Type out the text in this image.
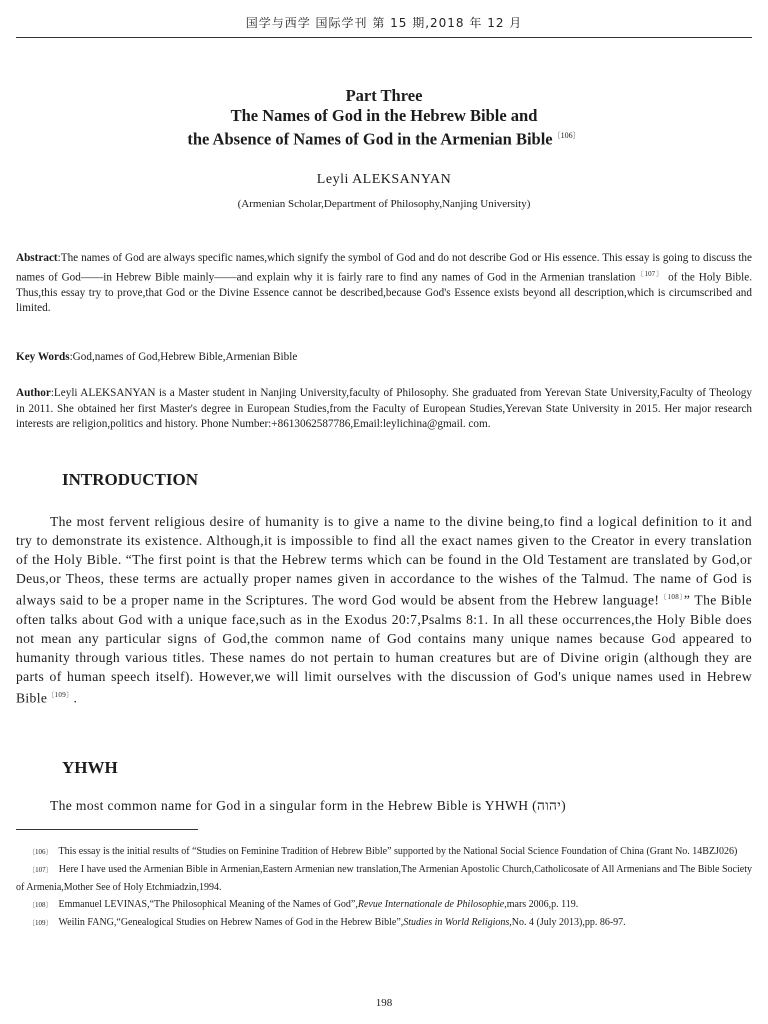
国学与西学 国际学刊 第 15 期,2018 年 12 月
Part Three
The Names of God in the Hebrew Bible and
the Absence of Names of God in the Armenian Bible$^{〔106〕}$
Leyli ALEKSANYAN
(Armenian Scholar,Department of Philosophy,Nanjing University)
Abstract:The names of God are always specific names,which signify the symbol of God and do not describe God or His essence. This essay is going to discuss the names of God——in Hebrew Bible mainly——and explain why it is fairly rare to find any names of God in the Armenian translation$^{〔107〕}$ of the Holy Bible. Thus,this essay try to prove,that God or the Divine Essence cannot be described,because God's Essence exists beyond all description,which is circumscribed and limited.
Key Words:God,names of God,Hebrew Bible,Armenian Bible
Author:Leyli ALEKSANYAN is a Master student in Nanjing University,faculty of Philosophy. She graduated from Yerevan State University,Faculty of Theology in 2011. She obtained her first Master's degree in European Studies,from the Faculty of European Studies,Yerevan State University in 2015. Her major research interests are religion,politics and history. Phone Number:+8613062587786,Email:leylichina@gmail. com.
INTRODUCTION
The most fervent religious desire of humanity is to give a name to the divine being,to find a logical definition to it and try to demonstrate its existence. Although,it is impossible to find all the exact names given to the Creator in every translation of the Holy Bible. “The first point is that the Hebrew terms which can be found in the Old Testament are translated by God,or Deus,or Theos, these terms are actually proper names given in accordance to the wishes of the Talmud. The name of God is always said to be a proper name in the Scriptures. The word God would be absent from the Hebrew language!$^{〔108〕}$” The Bible often talks about God with a unique face,such as in the Exodus 20:7,Psalms 8:1. In all these occurrences,the Holy Bible does not mean any particular signs of God,the common name of God contains many unique names because God appeared to humanity through various titles. These names do not pertain to human creatures but are of Divine origin (although they are parts of human speech itself). However,we will limit ourselves with the discussion of God's unique names used in Hebrew Bible$^{〔109〕}$.
YHWH
The most common name for God in a singular form in the Hebrew Bible is YHWH (יהוה)

〔106〕 This essay is the initial results of “Studies on Feminine Tradition of Hebrew Bible” supported by the National Social Science Foundation of China (Grant No. 14BZJ026)

〔107〕 Here I have used the Armenian Bible in Armenian,Eastern Armenian new translation,The Armenian Apostolic Church,Catholicosate of All Armenians and The Bible Society of Armenia,Mother See of Holy Etchmiadzin,1994.

〔108〕 Emmanuel LEVINAS,“The Philosophical Meaning of the Names of God”,Revue Internationale de Philosophie,mars 2006,p. 119.

〔109〕 Weilin FANG,“Genealogical Studies on Hebrew Names of God in the Hebrew Bible”,Studies in World Religions,No. 4 (July 2013),pp. 86-97.

198
